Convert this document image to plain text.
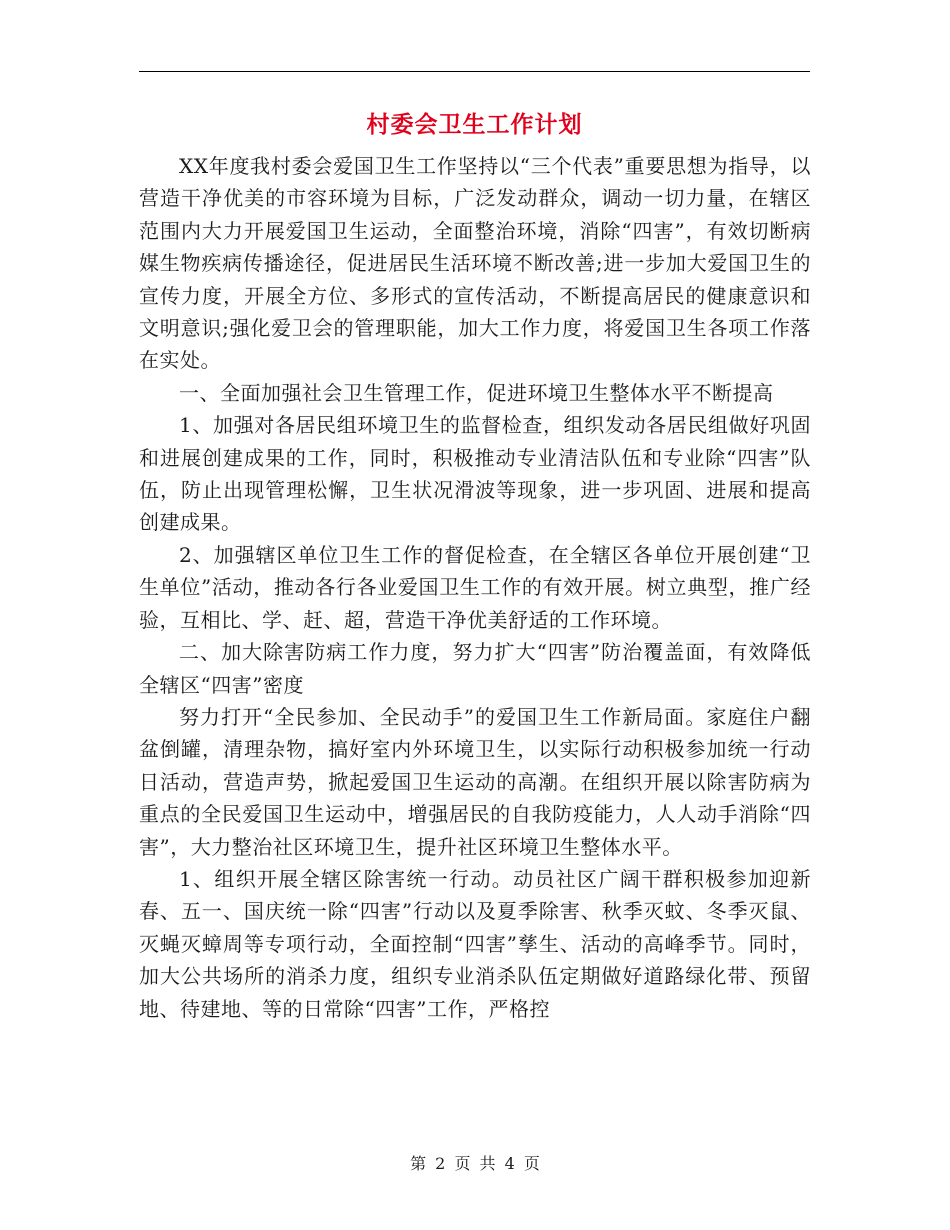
村委会卫生工作计划

XX年度我村委会爱国卫生工作坚持以“三个代表”重要思想为指导，以营造干净优美的市容环境为目标，广泛发动群众，调动一切力量，在辖区范围内大力开展爱国卫生运动，全面整治环境，消除“四害”，有效切断病媒生物疾病传播途径，促进居民生活环境不断改善;进一步加大爱国卫生的宣传力度，开展全方位、多形式的宣传活动，不断提高居民的健康意识和文明意识;强化爱卫会的管理职能，加大工作力度，将爱国卫生各项工作落在实处。

一、全面加强社会卫生管理工作，促进环境卫生整体水平不断提高

1、加强对各居民组环境卫生的监督检查，组织发动各居民组做好巩固和进展创建成果的工作，同时，积极推动专业清洁队伍和专业除“四害”队伍，防止出现管理松懈，卫生状况滑波等现象，进一步巩固、进展和提高创建成果。

2、加强辖区单位卫生工作的督促检查，在全辖区各单位开展创建“卫生单位”活动，推动各行各业爱国卫生工作的有效开展。树立典型，推广经验，互相比、学、赶、超，营造干净优美舒适的工作环境。

二、加大除害防病工作力度，努力扩大“四害”防治覆盖面，有效降低全辖区“四害”密度

努力打开“全民参加、全民动手”的爱国卫生工作新局面。家庭住户翻盆倒罐，清理杂物，搞好室内外环境卫生，以实际行动积极参加统一行动日活动，营造声势，掀起爱国卫生运动的高潮。在组织开展以除害防病为重点的全民爱国卫生运动中，增强居民的自我防疫能力，人人动手消除“四害”，大力整治社区环境卫生，提升社区环境卫生整体水平。

1、组织开展全辖区除害统一行动。动员社区广阔干群积极参加迎新春、五一、国庆统一除“四害”行动以及夏季除害、秋季灭蚊、冬季灭鼠、灭蝇灭蟑周等专项行动，全面控制“四害”孳生、活动的高峰季节。同时，加大公共场所的消杀力度，组织专业消杀队伍定期做好道路绿化带、预留地、待建地、等的日常除“四害”工作，严格控

第 2 页 共 4 页
